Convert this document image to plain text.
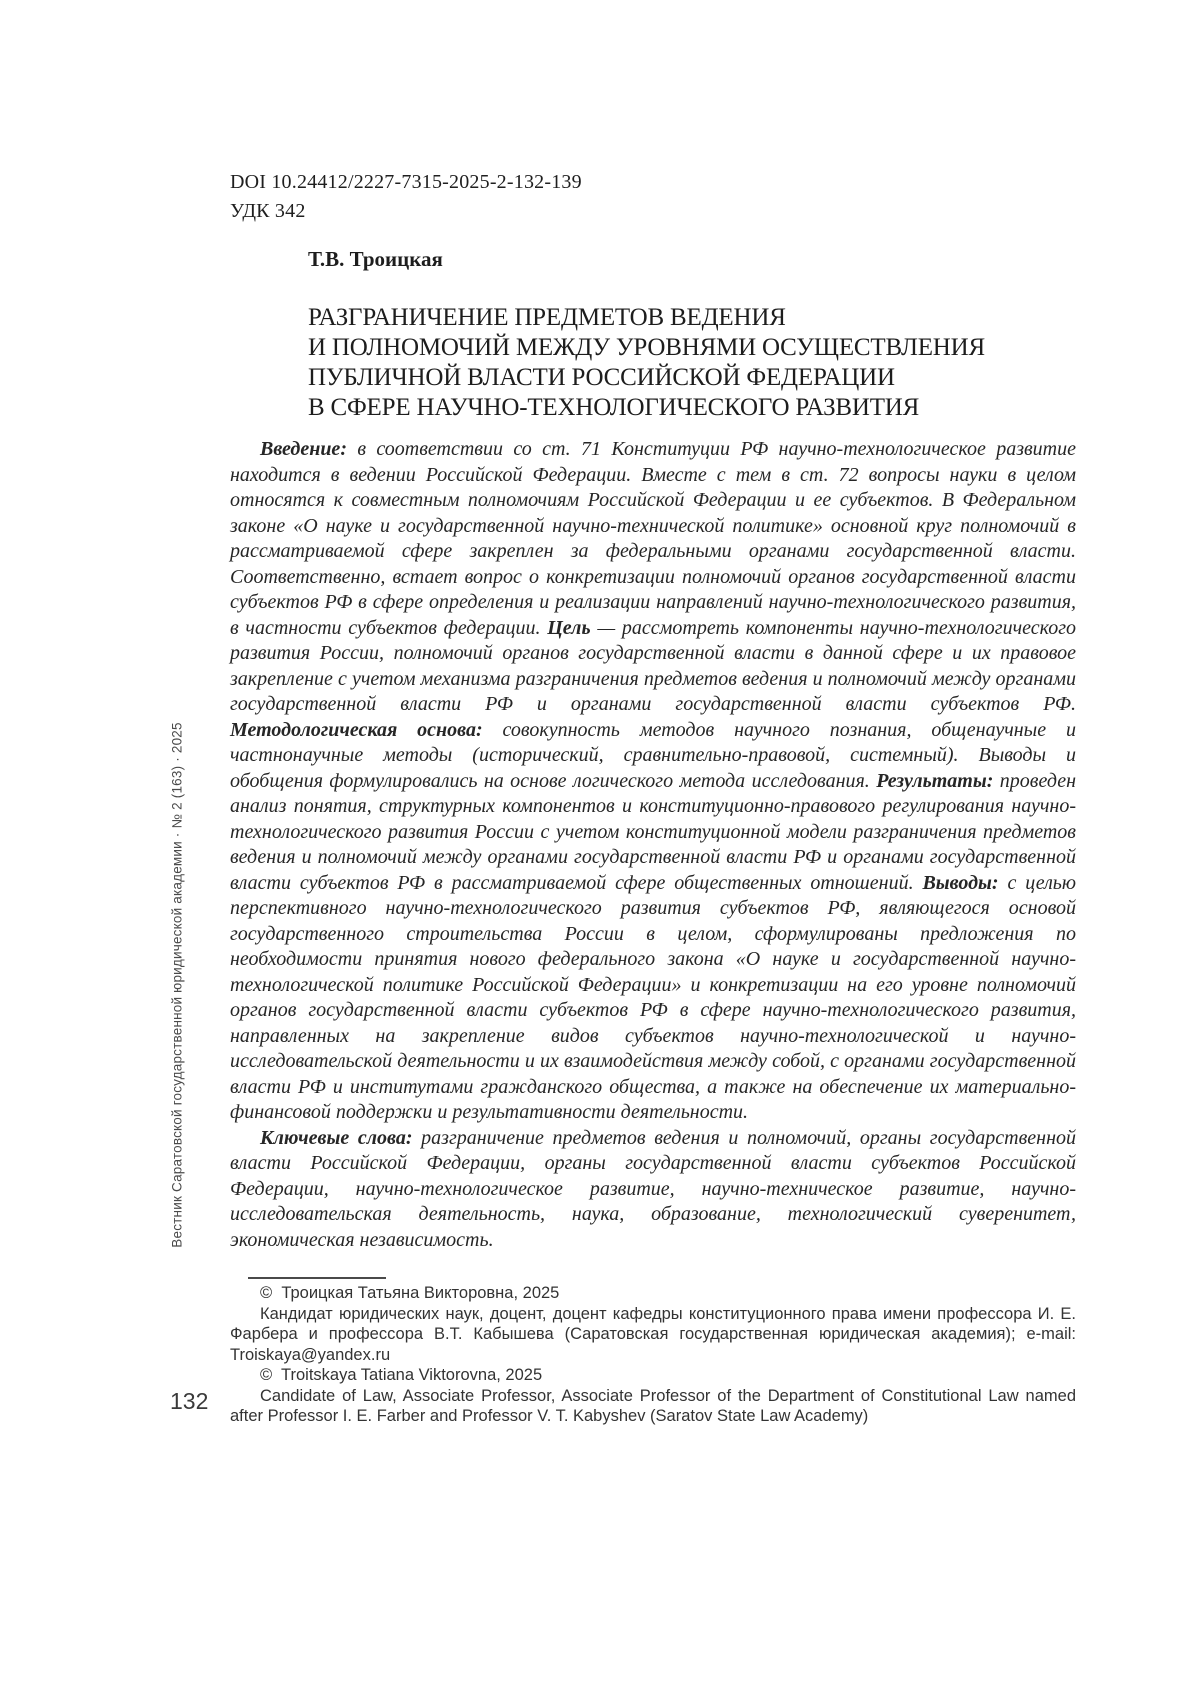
Вестник Саратовской государственной юридической академии · № 2 (163) · 2025
DOI 10.24412/2227-7315-2025-2-132-139
УДК 342
Т.В. Троицкая
РАЗГРАНИЧЕНИЕ ПРЕДМЕТОВ ВЕДЕНИЯ
И ПОЛНОМОЧИЙ МЕЖДУ УРОВНЯМИ ОСУЩЕСТВЛЕНИЯ
ПУБЛИЧНОЙ ВЛАСТИ РОССИЙСКОЙ ФЕДЕРАЦИИ
В СФЕРЕ НАУЧНО-ТЕХНОЛОГИЧЕСКОГО РАЗВИТИЯ

Введение: в соответствии со ст. 71 Конституции РФ научно-технологическое развитие находится в ведении Российской Федерации. Вместе с тем в ст. 72 вопросы науки в целом относятся к совместным полномочиям Российской Федерации и ее субъектов. В Федеральном законе «О науке и государственной научно-технической политике» основной круг полномочий в рассматриваемой сфере закреплен за федеральными органами государственной власти. Соответственно, встает вопрос о конкретизации полномочий органов государственной власти субъектов РФ в сфере определения и реализации направлений научно-технологического развития, в частности субъектов федерации. Цель — рассмотреть компоненты научно-технологического развития России, полномочий органов государственной власти в данной сфере и их правовое закрепление с учетом механизма разграничения предметов ведения и полномочий между органами государственной власти РФ и органами государственной власти субъектов РФ. Методологическая основа: совокупность методов научного познания, общенаучные и частнонаучные методы (исторический, сравнительно-правовой, системный). Выводы и обобщения формулировались на основе логического метода исследования. Результаты: проведен анализ понятия, структурных компонентов и конституционно-правового регулирования научно-технологического развития России с учетом конституционной модели разграничения предметов ведения и полномочий между органами государственной власти РФ и органами государственной власти субъектов РФ в рассматриваемой сфере общественных отношений. Выводы: с целью перспективного научно-технологического развития субъектов РФ, являющегося основой государственного строительства России в целом, сформулированы предложения по необходимости принятия нового федерального закона «О науке и государственной научно-технологической политике Российской Федерации» и конкретизации на его уровне полномочий органов государственной власти субъектов РФ в сфере научно-технологического развития, направленных на закрепление видов субъектов научно-технологической и научно-исследовательской деятельности и их взаимодействия между собой, с органами государственной власти РФ и институтами гражданского общества, а также на обеспечение их материально-финансовой поддержки и результативности деятельности.

Ключевые слова: разграничение предметов ведения и полномочий, органы государственной власти Российской Федерации, органы государственной власти субъектов Российской Федерации, научно-технологическое развитие, научно-техническое развитие, научно-исследовательская деятельность, наука, образование, технологический суверенитет, экономическая независимость.

©  Троицкая Татьяна Викторовна, 2025

Кандидат юридических наук, доцент, доцент кафедры конституционного права имени профессора И. Е. Фарбера и профессора В.Т. Кабышева (Саратовская государственная юридическая академия); e-mail: Troiskaya@yandex.ru

©  Troitskaya Tatiana Viktorovna, 2025

Candidate of Law, Associate Professor, Associate Professor of the Department of Constitutional Law named after Professor I. E. Farber and Professor V. T. Kabyshev (Saratov State Law Academy)

132
